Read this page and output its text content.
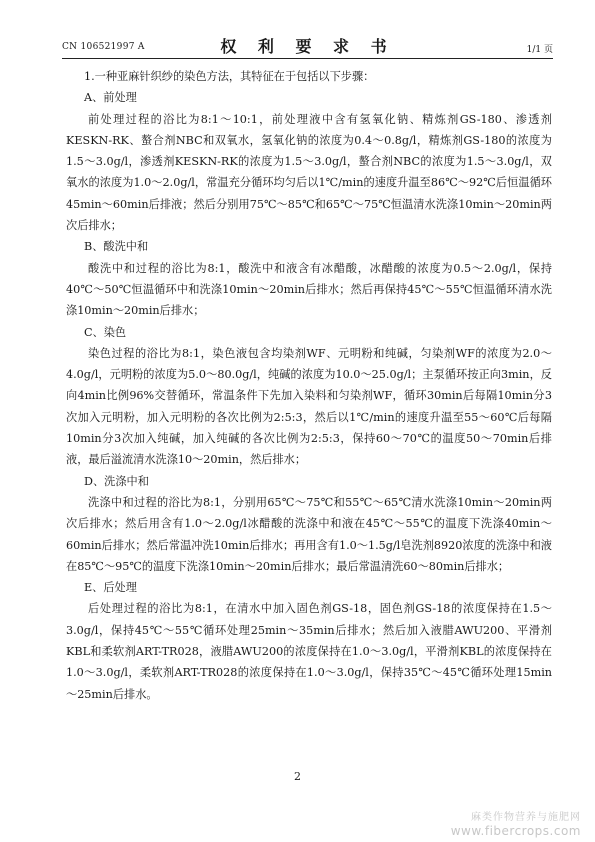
CN 106521997 A	权 利 要 求 书	1/1 页

1.一种亚麻针织纱的染色方法，其特征在于包括以下步骤：

A、前处理

前处理过程的浴比为8:1～10:1，前处理液中含有氢氧化钠、精炼剂GS-180、渗透剂KESKN-RK、螯合剂NBC和双氧水，氢氧化钠的浓度为0.4～0.8g/l，精炼剂GS-180的浓度为1.5～3.0g/l，渗透剂KESKN-RK的浓度为1.5～3.0g/l，螯合剂NBC的浓度为1.5～3.0g/l，双氧水的浓度为1.0～2.0g/l，常温充分循环均匀后以1℃/min的速度升温至86℃～92℃后恒温循环45min～60min后排液；然后分别用75℃～85℃和65℃～75℃恒温清水洗涤10min～20min两次后排水；

B、酸洗中和

酸洗中和过程的浴比为8:1，酸洗中和液含有冰醋酸，冰醋酸的浓度为0.5～2.0g/l，保持40℃～50℃恒温循环中和洗涤10min～20min后排水；然后再保持45℃～55℃恒温循环清水洗涤10min～20min后排水；

C、染色

染色过程的浴比为8:1，染色液包含均染剂WF、元明粉和纯碱，匀染剂WF的浓度为2.0～4.0g/l，元明粉的浓度为5.0～80.0g/l，纯碱的浓度为10.0～25.0g/l；主泵循环按正向3min，反向4min比例96%交替循环，常温条件下先加入染料和匀染剂WF，循环30min后每隔10min分3次加入元明粉，加入元明粉的各次比例为2:5:3，然后以1℃/min的速度升温至55～60℃后每隔10min分3次加入纯碱，加入纯碱的各次比例为2:5:3，保持60～70℃的温度50～70min后排液，最后溢流清水洗涤10～20min，然后排水；

D、洗涤中和

洗涤中和过程的浴比为8:1，分别用65℃～75℃和55℃～65℃清水洗涤10min～20min两次后排水；然后用含有1.0～2.0g/l冰醋酸的洗涤中和液在45℃～55℃的温度下洗涤40min～60min后排水；然后常温冲洗10min后排水；再用含有1.0～1.5g/l皂洗剂8920浓度的洗涤中和液在85℃～95℃的温度下洗涤10min～20min后排水；最后常温清洗60～80min后排水；

E、后处理

后处理过程的浴比为8:1，在清水中加入固色剂GS-18，固色剂GS-18的浓度保持在1.5～3.0g/l，保持45℃～55℃循环处理25min～35min后排水；然后加入液腊AWU200、平滑剂KBL和柔软剂ART-TR028，液腊AWU200的浓度保持在1.0～3.0g/l，平滑剂KBL的浓度保持在1.0～3.0g/l，柔软剂ART-TR028的浓度保持在1.0～3.0g/l，保持35℃～45℃循环处理15min～25min后排水。

2
麻类作物营养与施肥网
www.fibercrops.com
